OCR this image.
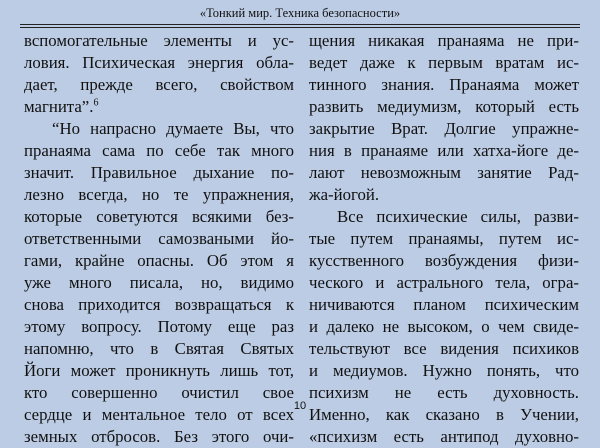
«Тонкий мир. Техника безопасности»
вспомогательные элементы и ус-
ловия. Психическая энергия обла-
дает, прежде всего, свойством
магнита”.$^6$
“Но напрасно думаете Вы, что
пранаяма сама по себе так много
значит. Правильное дыхание по-
лезно всегда, но те упражнения,
которые советуются всякими без-
ответственными самозваными йо-
гами, крайне опасны. Об этом я
уже много писала, но, видимо
снова приходится возвращаться к
этому вопросу. Потому еще раз
напомню, что в Святая Святых
Йоги может проникнуть лишь тот,
кто совершенно очистил свое
сердце и ментальное тело от всех
земных отбросов. Без этого очи-
щения никакая пранаяма не при-
ведет даже к первым вратам ис-
тинного знания. Пранаяма может
развить медиумизм, который есть
закрытие Врат. Долгие упражне-
ния в пранаяме или хатха-йоге де-
лают невозможным занятие Рад-
жа-йогой.
Все психические силы, разви-
тые путем пранаямы, путем ис-
кусственного возбуждения физи-
ческого и астрального тела, огра-
ничиваются планом психическим
и далеко не высоком, о чем свиде-
тельствуют все видения психиков
и медиумов. Нужно понять, что
психизм не есть духовность.
Именно, как сказано в Учении,
«психизм есть антипод духовно-
10
